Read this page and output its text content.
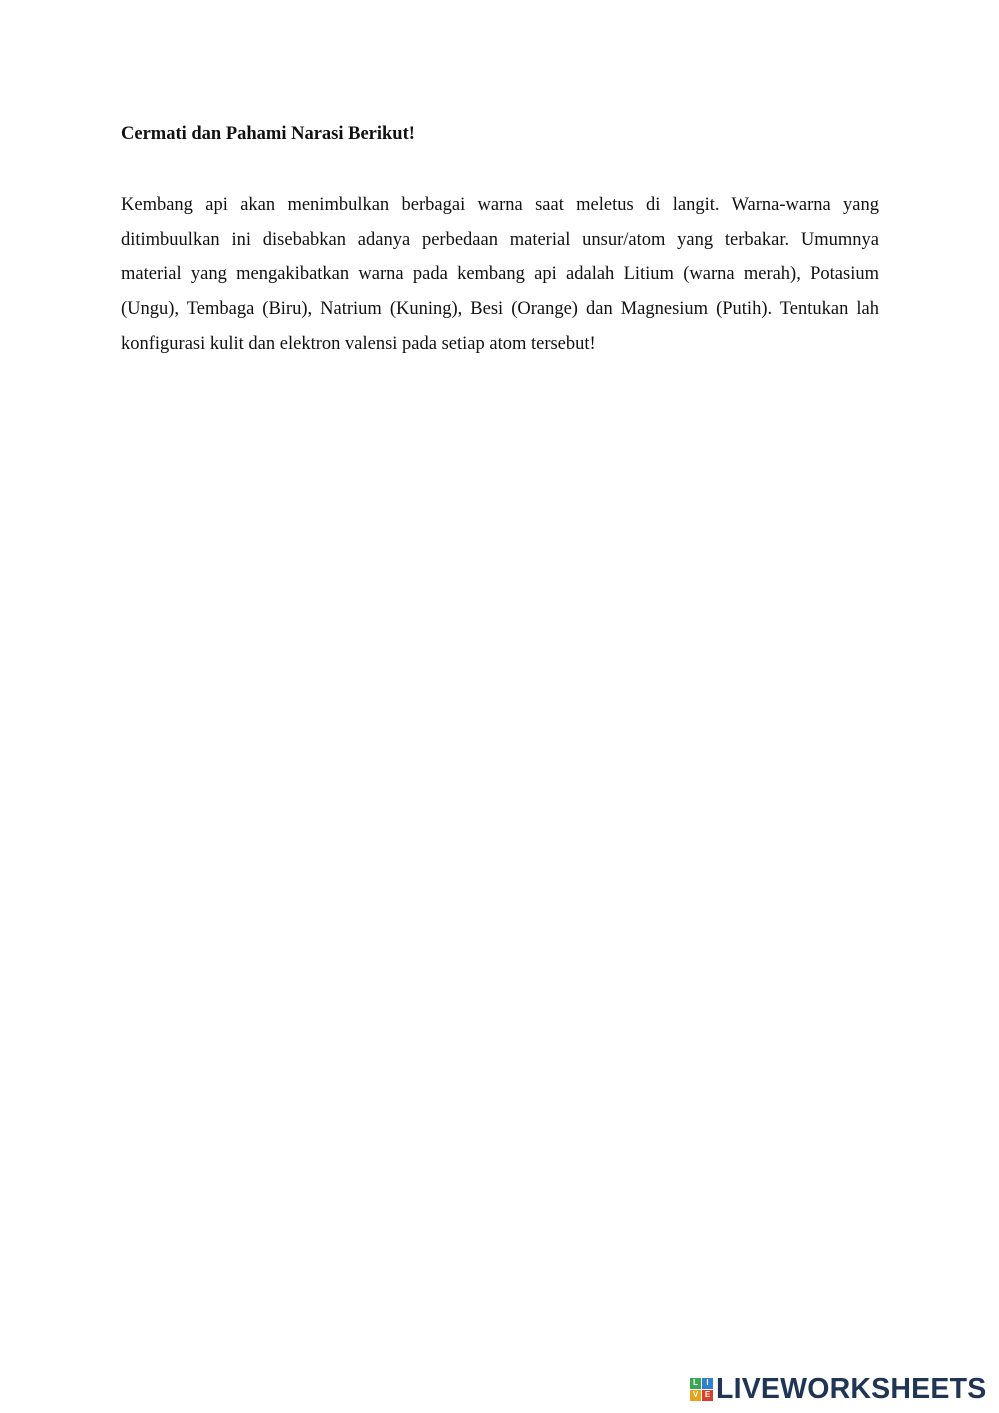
Cermati dan Pahami Narasi Berikut!

Kembang api akan menimbulkan berbagai warna saat meletus di langit. Warna-warna yang ditimbuulkan ini disebabkan adanya perbedaan material unsur/atom yang terbakar. Umumnya material yang mengakibatkan warna pada kembang api adalah Litium (warna merah), Potasium (Ungu), Tembaga (Biru), Natrium (Kuning), Besi (Orange) dan Magnesium (Putih). Tentukan lah konfigurasi kulit dan elektron valensi pada setiap atom tersebut!

L	I
V E LIVEWORKSHEETS
